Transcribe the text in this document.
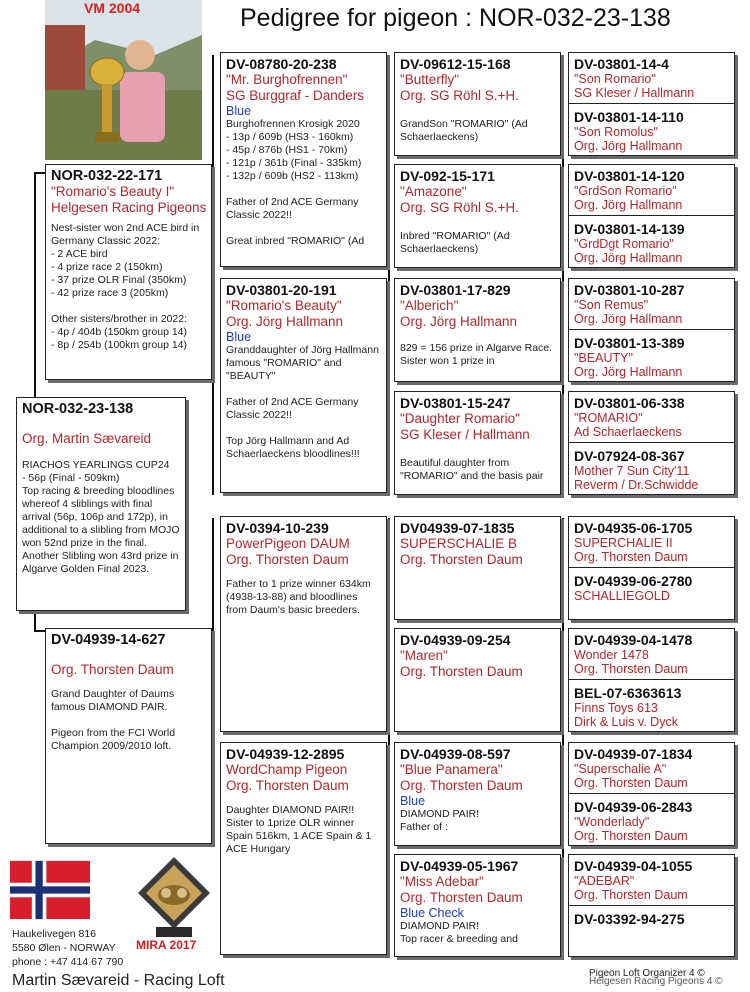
Pedigree for pigeon : NOR-032-23-138
VM 2004
NOR-032-23-138
Org. Martin Sævareid
RIACHOS YEARLINGS CUP24
- 56p (Final - 509km)
Top racing & breeding bloodlines whereof 4 sliblings with final arrival (56p, 106p and 172p), in additional to a slibling from MOJO won 52nd prize in the final. Another Slibling won 43rd prize in Algarve Golden Final 2023.
NOR-032-22-171
"Romario's Beauty I"
Helgesen Racing Pigeons
Nest-sister won 2nd ACE bird in Germany Classic 2022:
- 2 ACE bird
- 4 prize race 2 (150km)
- 37 prize OLR Final (350km)
- 42 prize race 3 (205km)

Other sisters/brother in 2022:
- 4p / 404b (150km group 14)
- 8p / 254b (100km group 14)
DV-04939-14-627
Org. Thorsten Daum
Grand Daughter of Daums famous DIAMOND PAIR.

Pigeon from the FCI World Champion 2009/2010 loft.
DV-08780-20-238
"Mr. Burghofrennen"
SG Burggraf - Danders
Blue
Burghofrennen Krosigk 2020
- 13p / 609b (HS3 - 160km)
- 45p / 876b (HS1 - 70km)
- 121p / 361b (Final - 335km)
- 132p / 609b (HS2 - 113km)

Father of 2nd ACE Germany Classic 2022!!

Great inbred "ROMARIO" (Ad
DV-03801-20-191
"Romario's Beauty"
Org. Jörg Hallmann
Blue
Granddaughter of Jörg Hallmann famous "ROMARIO" and "BEAUTY"

Father of 2nd ACE Germany Classic 2022!!

Top Jörg Hallmann and Ad Schaerlaeckens bloodlines!!!
DV-0394-10-239
PowerPigeon DAUM
Org. Thorsten Daum
Father to 1 prize winner 634km (4938-13-88) and bloodlines from Daum's basic breeders.
DV-04939-12-2895
WordChamp Pigeon
Org. Thorsten Daum
Daughter DIAMOND PAIR!!
Sister to 1prize OLR winner Spain 516km, 1 ACE Spain & 1 ACE Hungary
DV-09612-15-168
"Butterfly"
Org. SG Röhl S.+H.
GrandSon "ROMARIO" (Ad Schaerlaeckens)
DV-092-15-171
"Amazone"
Org. SG Röhl S.+H.
Inbred "ROMARIO" (Ad Schaerlaeckens)
DV-03801-17-829
"Alberich"
Org. Jörg Hallmann
829 = 156 prize in Algarve Race. Sister won 1 prize in
DV-03801-15-247
"Daughter Romario"
SG Kleser / Hallmann
Beautiful daughter from "ROMARIO" and the basis pair
DV04939-07-1835
SUPERSCHALIE B
Org. Thorsten Daum
DV-04939-09-254
"Maren"
Org. Thorsten Daum
DV-04939-08-597
"Blue Panamera"
Org. Thorsten Daum
Blue
DIAMOND PAIR!
Father of :
DV-04939-05-1967
"Miss Adebar"
Org. Thorsten Daum
Blue Check
DIAMOND PAIR!
Top racer & breeding and
DV-03801-14-4
"Son Romario"
SG Kleser / Hallmann
DV-03801-14-110
"Son Romolus"
Org. Jörg Hallmann
DV-03801-14-120
"GrdSon Romario"
Org. Jörg Hallmann
DV-03801-14-139
"GrdDgt Romario"
Org. Jörg Hallmann
DV-03801-10-287
"Son Remus"
Org. Jörg Hallmann
DV-03801-13-389
"BEAUTY"
Org. Jörg Hallmann
DV-03801-06-338
"ROMARIO"
Ad Schaerlaeckens
DV-07924-08-367
Mother 7 Sun City'11
Reverm / Dr.Schwidde
DV-04935-06-1705
SUPERCHALIE II
Org. Thorsten Daum
DV-04939-06-2780
SCHALLIEGOLD
DV-04939-04-1478
Wonder 1478
Org. Thorsten Daum
BEL-07-6363613
Finns Toys 613
Dirk & Luis v. Dyck
DV-04939-07-1834
"Superschalie A"
Org. Thorsten Daum
DV-04939-06-2843
"Wonderlady"
Org. Thorsten Daum
DV-04939-04-1055
"ADEBAR"
Org. Thorsten Daum
DV-03392-94-275
MIRA 2017
Haukelivegen 816
5580 Ølen - NORWAY
phone : +47 414 67 790
Martin Sævareid - Racing Loft	Pigeon Loft Organizer 4 ©
Helgesen Racing Pigeons 4 ©
